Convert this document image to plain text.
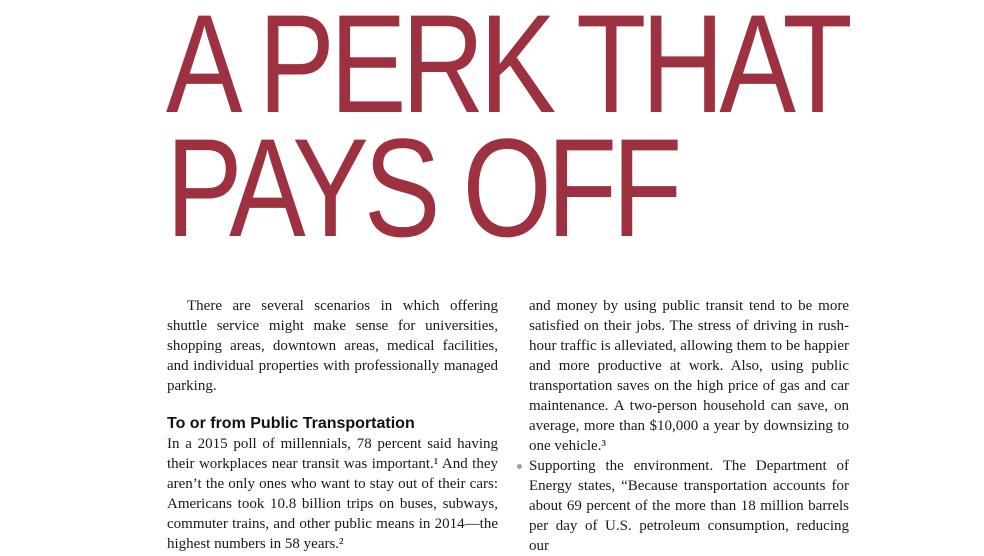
A PERK THAT
PAYS OFF

There are several scenarios in which offering shuttle service might make sense for universities, shopping areas, downtown areas, medical facilities, and individual properties with professionally managed parking.

To or from Public Transportation

In a 2015 poll of millennials, 78 percent said having their workplaces near transit was important.¹ And they aren’t the only ones who want to stay out of their cars: Americans took 10.8 billion trips on buses, subways, commuter trains, and other public means in 2014—the highest numbers in 58 years.²

and money by using public transit tend to be more satisfied on their jobs. The stress of driving in rush-hour traffic is alleviated, allowing them to be happier and more productive at work. Also, using public transportation saves on the high price of gas and car maintenance. A two-person household can save, on average, more than $10,000 a year by downsizing to one vehicle.³

Supporting the environment. The Department of Energy states, “Because transportation accounts for about 69 percent of the more than 18 million barrels per day of U.S. petroleum consumption, reducing our
